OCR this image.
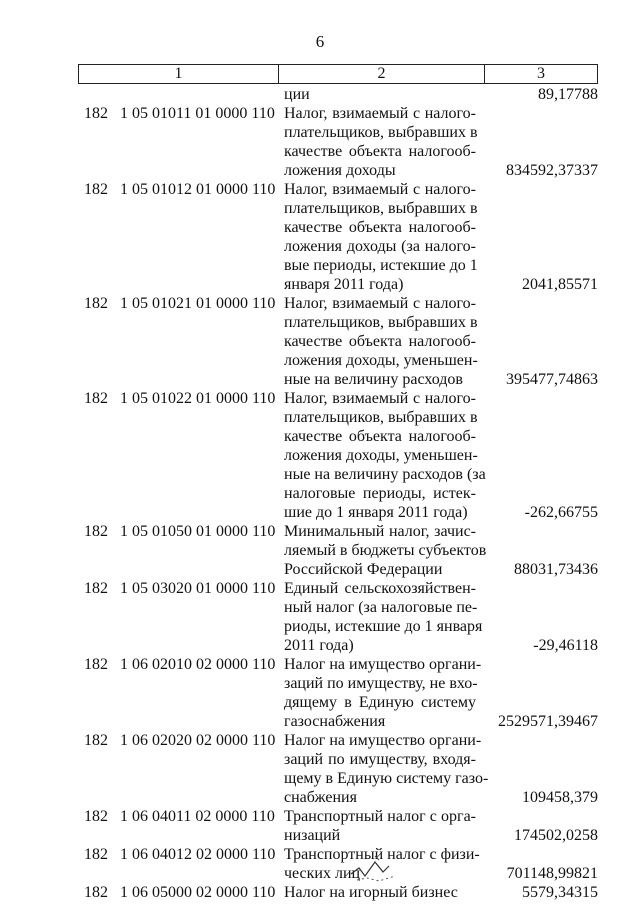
6
1	2	3
ции	89,17788
182 1 05 01011 01 0000 110 Налог, взимаемый с налого-
плательщиков, выбравших в
качестве объекта налогооб-
ложения доходы	834592,37337
182 1 05 01012 01 0000 110 Налог, взимаемый с налого-
плательщиков, выбравших в
качестве объекта налогооб-
ложения доходы (за налого-
вые периоды, истекшие до 1
января 2011 года)	2041,85571
182 1 05 01021 01 0000 110 Налог, взимаемый с налого-
плательщиков, выбравших в
качестве объекта налогооб-
ложения доходы, уменьшен-
ные на величину расходов	395477,74863
182 1 05 01022 01 0000 110 Налог, взимаемый с налого-
плательщиков, выбравших в
качестве объекта налогооб-
ложения доходы, уменьшен-
ные на величину расходов (за
налоговые периоды, истек-
шие до 1 января 2011 года)	-262,66755
182 1 05 01050 01 0000 110 Минимальный налог, зачис-
ляемый в бюджеты субъектов
Российской Федерации	88031,73436
182 1 05 03020 01 0000 110 Единый сельскохозяйствен-
ный налог (за налоговые пе-
риоды, истекшие до 1 января
2011 года)	-29,46118
182 1 06 02010 02 0000 110 Налог на имущество органи-
заций по имуществу, не вхо-
дящему в Единую систему
газоснабжения	2529571,39467
182 1 06 02020 02 0000 110 Налог на имущество органи-
заций по имуществу, входя-
щему в Единую систему газо-
снабжения	109458,379
182 1 06 04011 02 0000 110 Транспортный налог с орга-
низаций	174502,0258
182 1 06 04012 02 0000 110 Транспортный налог с физи-
ческих лиц	701148,99821
182 1 06 05000 02 0000 110 Налог на игорный бизнес	5579,34315
